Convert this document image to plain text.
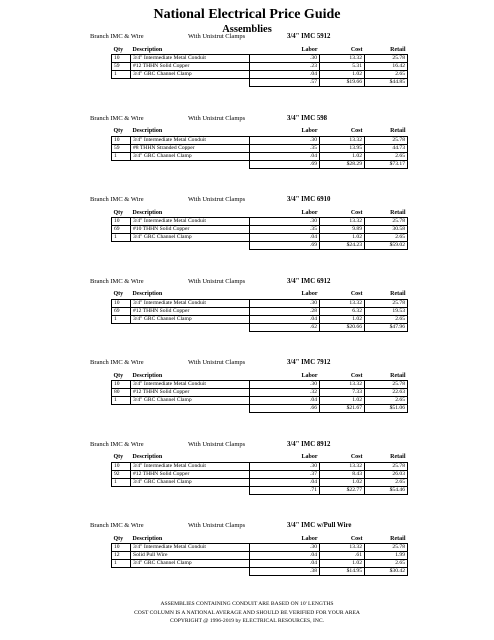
National Electrical Price Guide
Assemblies
Branch IMC & Wire	With Unistrut Clamps	3/4" IMC 5912
Qty	Description	Labor	Cost	Retail
10	3/4" Intermediate Metal Conduit	.30	13.32	25.78
59	#12 THHN Solid Copper	.23	5.31	16.42
1	3/4" GRC Channel Clamp	.04	1.02	2.65
		.57	$19.66	$44.85
Branch IMC & Wire	With Unistrut Clamps	3/4" IMC 598
Qty	Description	Labor	Cost	Retail
10	3/4" Intermediate Metal Conduit	.30	13.32	25.78
59	#8 THHN Stranded Copper	.35	13.95	44.73
1	3/4" GRC Channel Clamp	.04	1.02	2.65
		.69	$28.29	$73.17
Branch IMC & Wire	With Unistrut Clamps	3/4" IMC 6910
Qty	Description	Labor	Cost	Retail
10	3/4" Intermediate Metal Conduit	.30	13.32	25.78
69	#10 THHN Solid Copper	.35	9.89	30.58
1	3/4" GRC Channel Clamp	.04	1.02	2.65
		.69	$24.23	$59.02
Branch IMC & Wire	With Unistrut Clamps	3/4" IMC 6912
Qty	Description	Labor	Cost	Retail
10	3/4" Intermediate Metal Conduit	.30	13.32	25.78
69	#12 THHN Solid Copper	.28	6.32	19.53
1	3/4" GRC Channel Clamp	.04	1.02	2.65
		.62	$20.66	$47.96
Branch IMC & Wire	With Unistrut Clamps	3/4" IMC 7912
Qty	Description	Labor	Cost	Retail
10	3/4" Intermediate Metal Conduit	.30	13.32	25.78
80	#12 THHN Solid Copper	.32	7.33	22.63
1	3/4" GRC Channel Clamp	.04	1.02	2.65
		.66	$21.67	$51.06
Branch IMC & Wire	With Unistrut Clamps	3/4" IMC 8912
Qty	Description	Labor	Cost	Retail
10	3/4" Intermediate Metal Conduit	.30	13.32	25.78
92	#12 THHN Solid Copper	.37	8.43	26.03
1	3/4" GRC Channel Clamp	.04	1.02	2.65
		.71	$22.77	$54.46
Branch IMC & Wire	With Unistrut Clamps	3/4" IMC w/Pull Wire
Qty	Description	Labor	Cost	Retail
10	3/4" Intermediate Metal Conduit	.30	13.32	25.78
12	Solid Pull Wire	.04	.61	1.99
1	3/4" GRC Channel Clamp	.04	1.02	2.65
		.38	$14.95	$30.42
ASSEMBLIES CONTAINING CONDUIT ARE BASED ON 10' LENGTHS
COST COLUMN IS A NATIONAL AVERAGE AND SHOULD BE VERIFIED FOR YOUR AREA
COPYRIGHT @ 1996-2019 by ELECTRICAL RESOURCES, INC.
